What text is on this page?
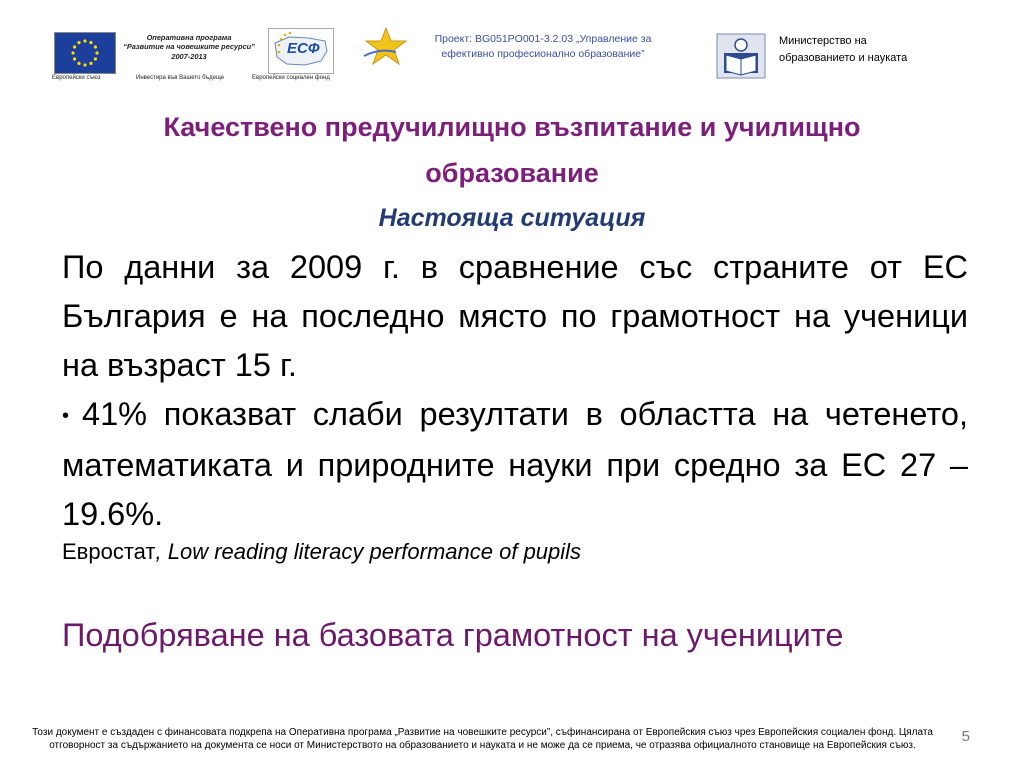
Европейски съюз
Оперативна програма
“Развитие на човешките ресурси”
2007-2013
Инвестира във Вашето бъдеще
ЕСФ
Европейски социален фонд
Проект: BG051PO001-3.2.03 „Управление за
ефективно професионално образование”
Министерство на
образованието и науката
Качествено предучилищно възпитание и училищно
образование
Настояща ситуация

По данни за 2009 г. в сравнение със страните от ЕС България е на последно място по грамотност на ученици на възраст 15 г.

• 41% показват слаби резултати в областта на четенето, математиката и природните науки при средно за ЕС 27 – 19.6%.

Евростат, Low reading literacy performance of pupils

Подобряване на базовата грамотност на учениците

Този документ е създаден с финансовата подкрепа на Оперативна програма „Развитие на човешките ресурси”, съфинансирана от Европейския съюз чрез Европейския социален фонд. Цялата отговорност за съдържанието на документа се носи от Министерството на образованието и науката и не може да се приема, че отразява официалното становище на Европейския съюз.
5
